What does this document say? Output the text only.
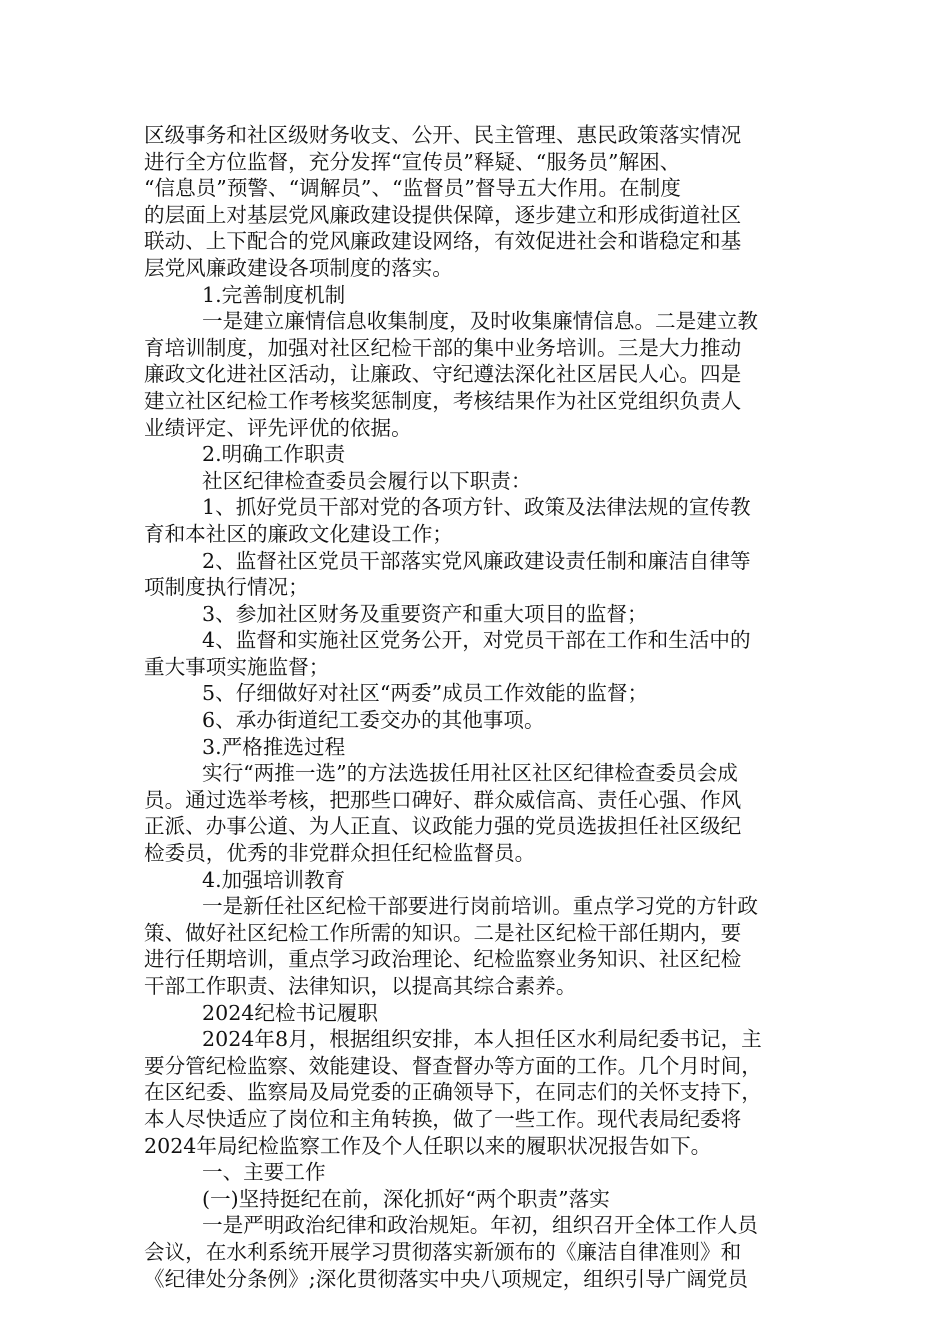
区级事务和社区级财务收支、公开、民主管理、惠民政策落实情况
进行全方位监督，充分发挥“宣传员”释疑、“服务员”解困、
“信息员”预警、“调解员”、“监督员”督导五大作用。在制度
的层面上对基层党风廉政建设提供保障，逐步建立和形成街道社区
联动、上下配合的党风廉政建设网络，有效促进社会和谐稳定和基
层党风廉政建设各项制度的落实。
1.完善制度机制
一是建立廉情信息收集制度，及时收集廉情信息。二是建立教
育培训制度，加强对社区纪检干部的集中业务培训。三是大力推动
廉政文化进社区活动，让廉政、守纪遵法深化社区居民人心。四是
建立社区纪检工作考核奖惩制度，考核结果作为社区党组织负责人
业绩评定、评先评优的依据。
2.明确工作职责
社区纪律检查委员会履行以下职责：
1、抓好党员干部对党的各项方针、政策及法律法规的宣传教
育和本社区的廉政文化建设工作；
2、监督社区党员干部落实党风廉政建设责任制和廉洁自律等
项制度执行情况；
3、参加社区财务及重要资产和重大项目的监督；
4、监督和实施社区党务公开，对党员干部在工作和生活中的
重大事项实施监督；
5、仔细做好对社区“两委”成员工作效能的监督；
6、承办街道纪工委交办的其他事项。
3.严格推选过程
实行“两推一选”的方法选拔任用社区社区纪律检查委员会成
员。通过选举考核，把那些口碑好、群众威信高、责任心强、作风
正派、办事公道、为人正直、议政能力强的党员选拔担任社区级纪
检委员，优秀的非党群众担任纪检监督员。
4.加强培训教育
一是新任社区纪检干部要进行岗前培训。重点学习党的方针政
策、做好社区纪检工作所需的知识。二是社区纪检干部任期内，要
进行任期培训，重点学习政治理论、纪检监察业务知识、社区纪检
干部工作职责、法律知识，以提高其综合素养。
2024纪检书记履职
2024年8月，根据组织安排，本人担任区水利局纪委书记，主
要分管纪检监察、效能建设、督查督办等方面的工作。几个月时间，
在区纪委、监察局及局党委的正确领导下，在同志们的关怀支持下，
本人尽快适应了岗位和主角转换，做了一些工作。现代表局纪委将
2024年局纪检监察工作及个人任职以来的履职状况报告如下。
一、主要工作
(一)坚持挺纪在前，深化抓好“两个职责”落实
一是严明政治纪律和政治规矩。年初，组织召开全体工作人员
会议，在水利系统开展学习贯彻落实新颁布的《廉洁自律准则》和
《纪律处分条例》;深化贯彻落实中央八项规定，组织引导广阔党员
